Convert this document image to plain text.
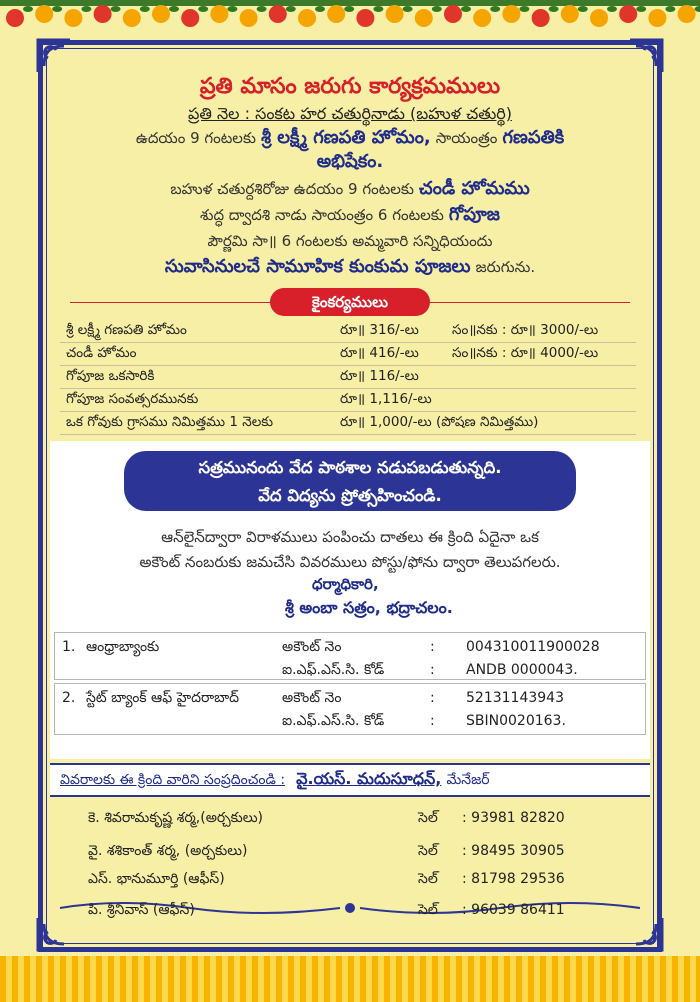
ప్రతి మాసం జరుగు కార్యక్రమములు
ప్రతి నెల : సంకట హర చతుర్థినాడు (బహుళ చతుర్థి)
ఉదయం 9 గంటలకు శ్రీ లక్ష్మీ గణపతి హోమం, సాయంత్రం గణపతికి
అభిషేకం.
బహుళ చతుర్దశిరోజు ఉదయం 9 గంటలకు చండీ హోమము
శుద్ధ ద్వాదశి నాడు సాయంత్రం 6 గంటలకు గోపూజ
పౌర్ణమి సా॥ 6 గంటలకు అమ్మవారి సన్నిధియందు
సువాసినులచే సామూహిక కుంకుమ పూజలు జరుగును.
కైంకర్యములు
శ్రీ లక్ష్మీ గణపతి హోమం	రూ॥ 316/-లు సం॥నకు : రూ॥ 3000/-లు
చండీ హోమం	రూ॥ 416/-లు సం॥నకు : రూ॥ 4000/-లు
గోపూజ ఒకసారికి	రూ॥ 116/-లు
గోపూజ సంవత్సరమునకు	రూ॥ 1,116/-లు
ఒక గోవుకు గ్రాసము నిమిత్తము 1 నెలకు	రూ॥ 1,000/-లు (పోషణ నిమిత్తము)
సత్రమునందు వేద పాఠశాల నడుపబడుతున్నది.
వేద విద్యను ప్రోత్సహించండి.
ఆన్‌లైన్‌ద్వారా విరాళములు పంపించు దాతలు ఈ క్రింది ఏదైనా ఒక
అకౌంట్ నంబరుకు జమచేసి వివరములు పోస్టు/ఫోను ద్వారా తెలుపగలరు.
ధర్మాధికారి,
శ్రీ అంబా సత్రం, భద్రాచలం.
1. ఆంధ్రాబ్యాంకు	అకౌంట్ నెం	: 004310011900028
ఐ.ఎఫ్.ఎస్.సి. కోడ్	: ANDB 0000043.
2. స్టేట్ బ్యాంక్ ఆఫ్ హైదరాబాద్	అకౌంట్ నెం	: 52131143943
ఐ.ఎఫ్.ఎస్.సి. కోడ్	: SBIN0020163.
వివరాలకు ఈ క్రింది వారిని సంప్రదించండి : వై.యస్. మదుసూధన్, మేనేజర్
కె. శివరామకృష్ణ శర్మ,(అర్చకులు)	సెల్ : 93981 82820
వై. శశికాంత్ శర్మ, (అర్చకులు)	సెల్ : 98495 30905
ఎస్. భానుమూర్తి (ఆఫీస్)	సెల్ : 81798 29536
పి. శ్రీనివాస్ (ఆఫీస్)	సెల్ : 96039 86411
